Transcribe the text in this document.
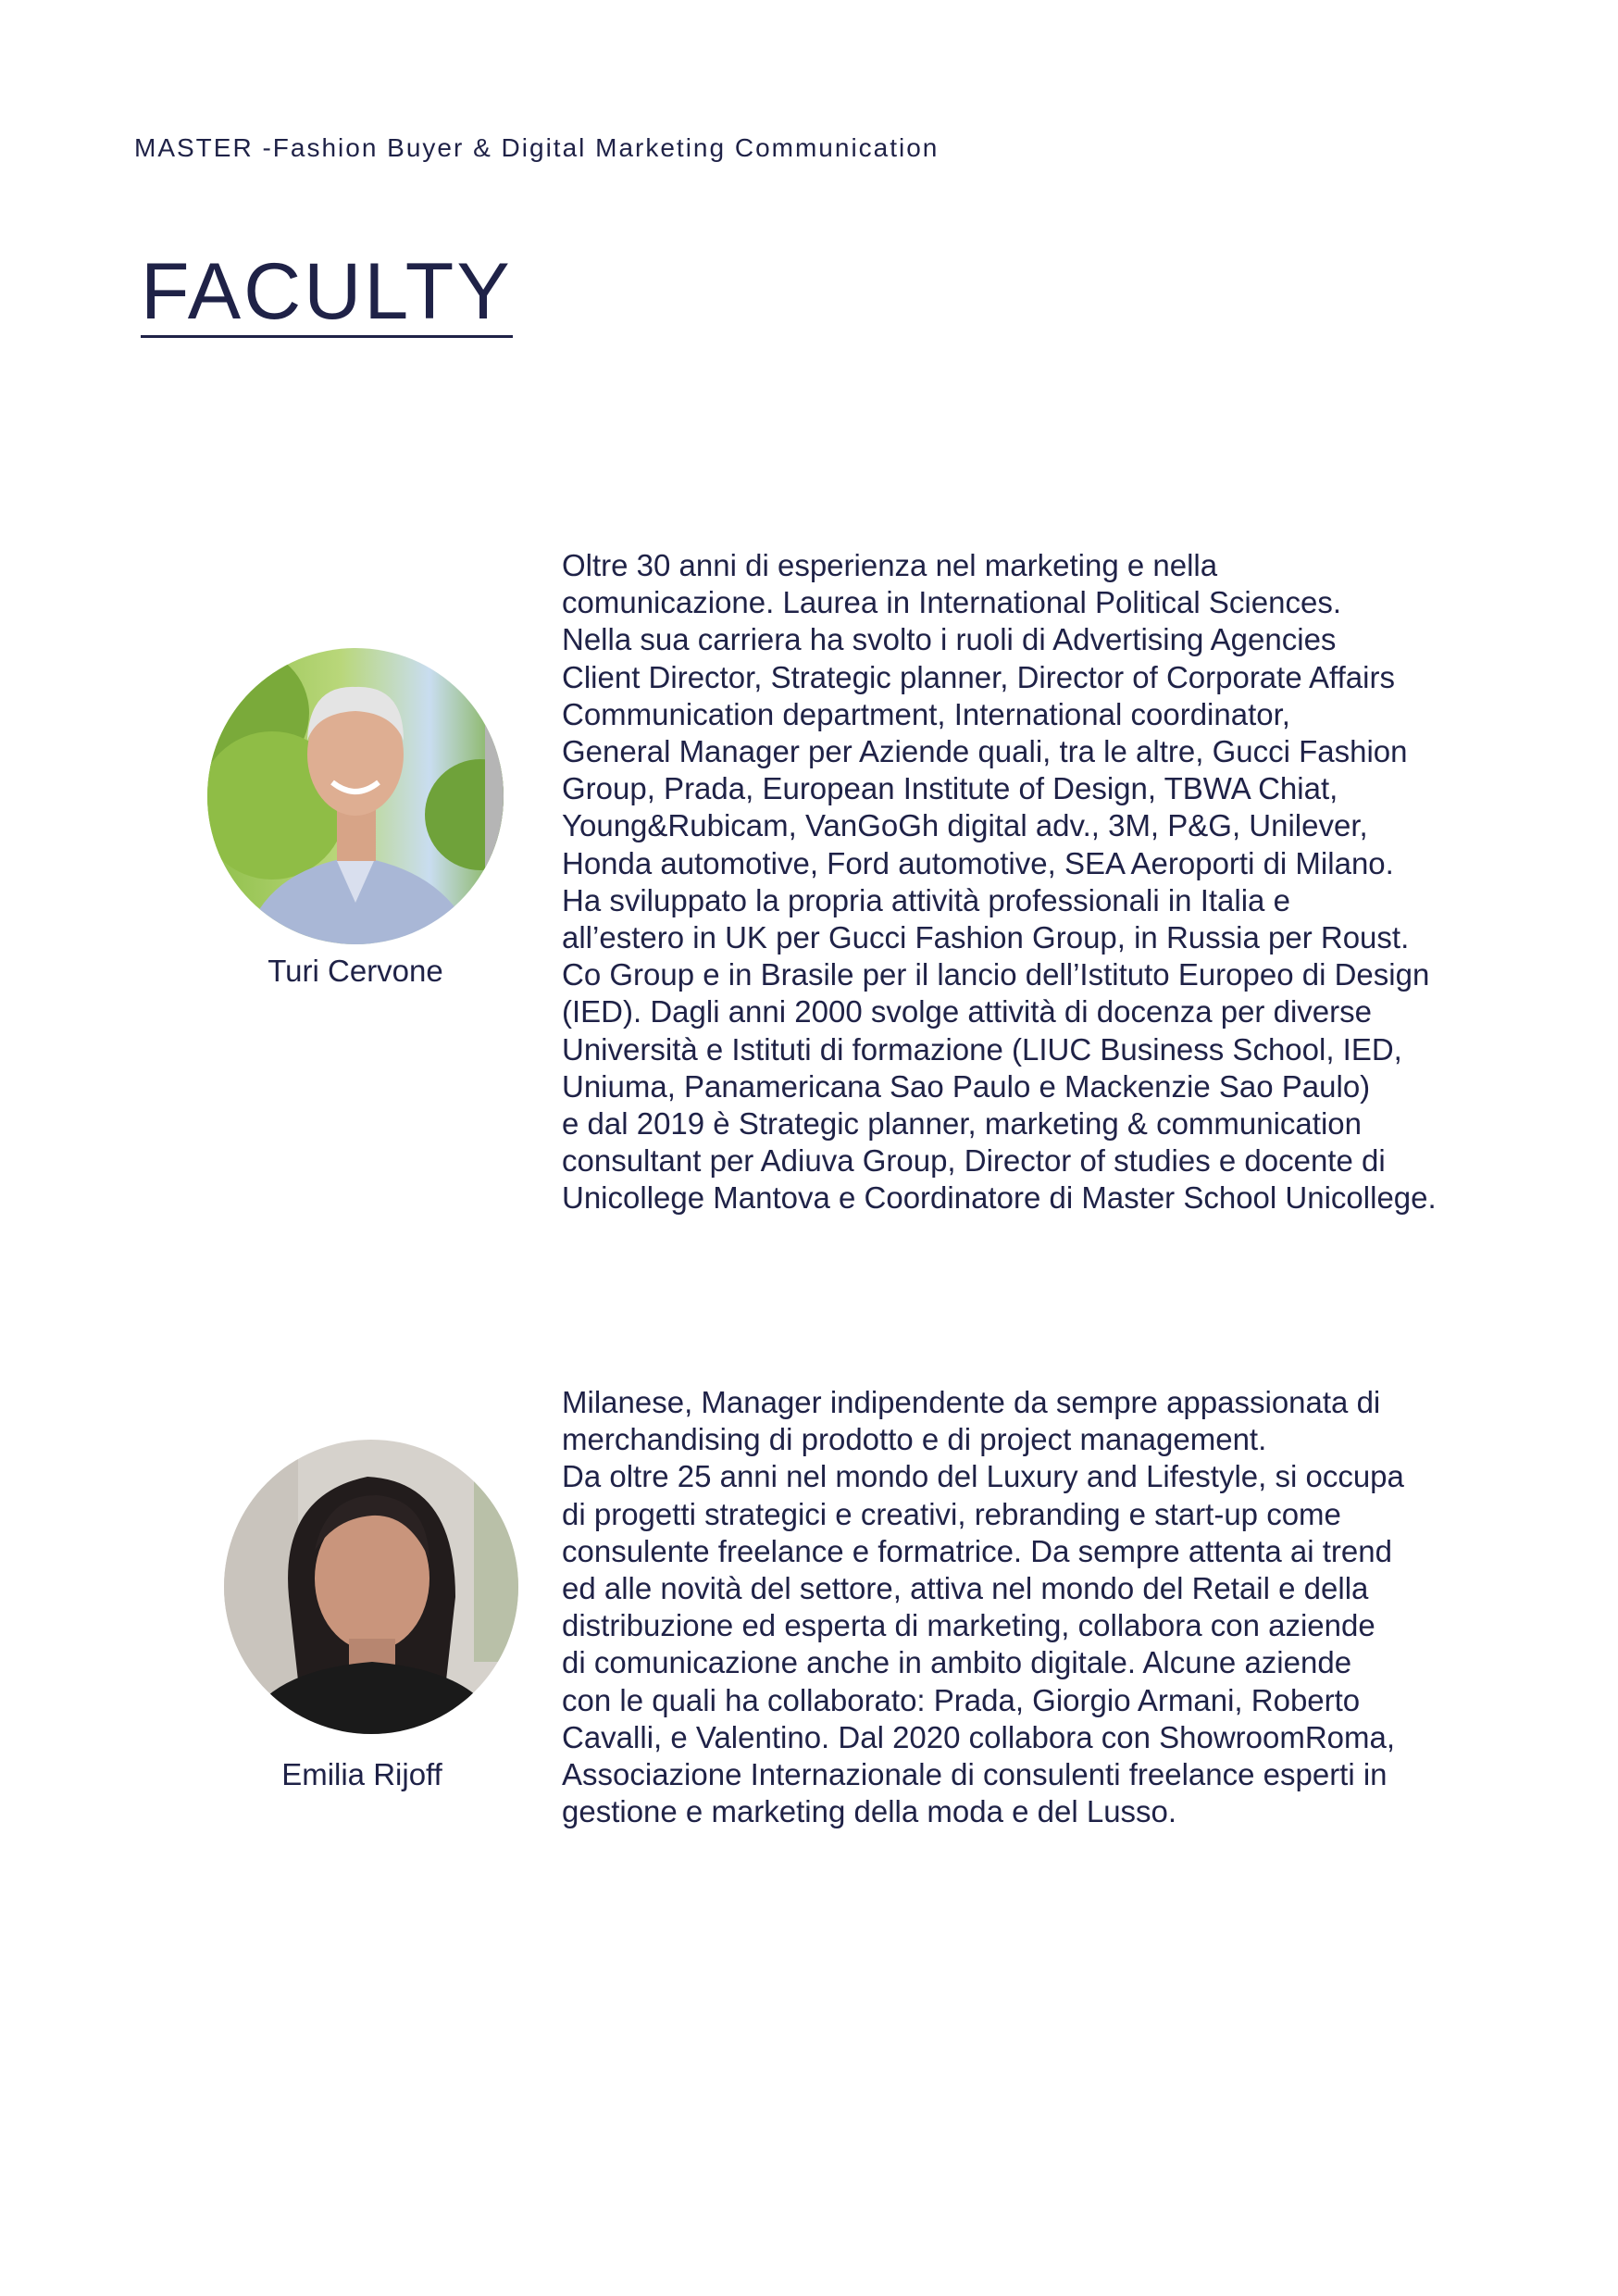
MASTER -Fashion Buyer & Digital Marketing Communication
FACULTY
Turi Cervone

Oltre 30 anni di esperienza nel marketing e nella

comunicazione. Laurea in International Political Sciences.

Nella sua carriera ha svolto i ruoli di Advertising Agencies

Client Director, Strategic planner, Director of Corporate Affairs

Communication department, International coordinator,

General Manager per Aziende quali, tra le altre, Gucci Fashion

Group, Prada, European Institute of Design, TBWA Chiat,

Young&Rubicam, VanGoGh digital adv., 3M, P&G, Unilever,

Honda automotive, Ford automotive, SEA Aeroporti di Milano.

Ha sviluppato la propria attività professionali in Italia e

all’estero in UK per Gucci Fashion Group, in Russia per Roust.

Co Group e in Brasile per il lancio dell’Istituto Europeo di Design

(IED). Dagli anni 2000 svolge attività di docenza per diverse

Università e Istituti di formazione (LIUC Business School, IED,

Uniuma, Panamericana Sao Paulo e Mackenzie Sao Paulo)

e dal 2019 è Strategic planner, marketing & communication

consultant per Adiuva Group, Director of studies e docente di

Unicollege Mantova e Coordinatore di Master School Unicollege.

Emilia Rijoff

Milanese, Manager indipendente da sempre appassionata di

merchandising di prodotto e di project management.

Da oltre 25 anni nel mondo del Luxury and Lifestyle, si occupa

di progetti strategici e creativi, rebranding e start-up come

consulente freelance e formatrice. Da sempre attenta ai trend

ed alle novità del settore, attiva nel mondo del Retail e della

distribuzione ed esperta di marketing, collabora con aziende

di comunicazione anche in ambito digitale. Alcune aziende

con le quali ha collaborato: Prada, Giorgio Armani, Roberto

Cavalli, e Valentino. Dal 2020 collabora con ShowroomRoma,

Associazione Internazionale di consulenti freelance esperti in

gestione e marketing della moda e del Lusso.
